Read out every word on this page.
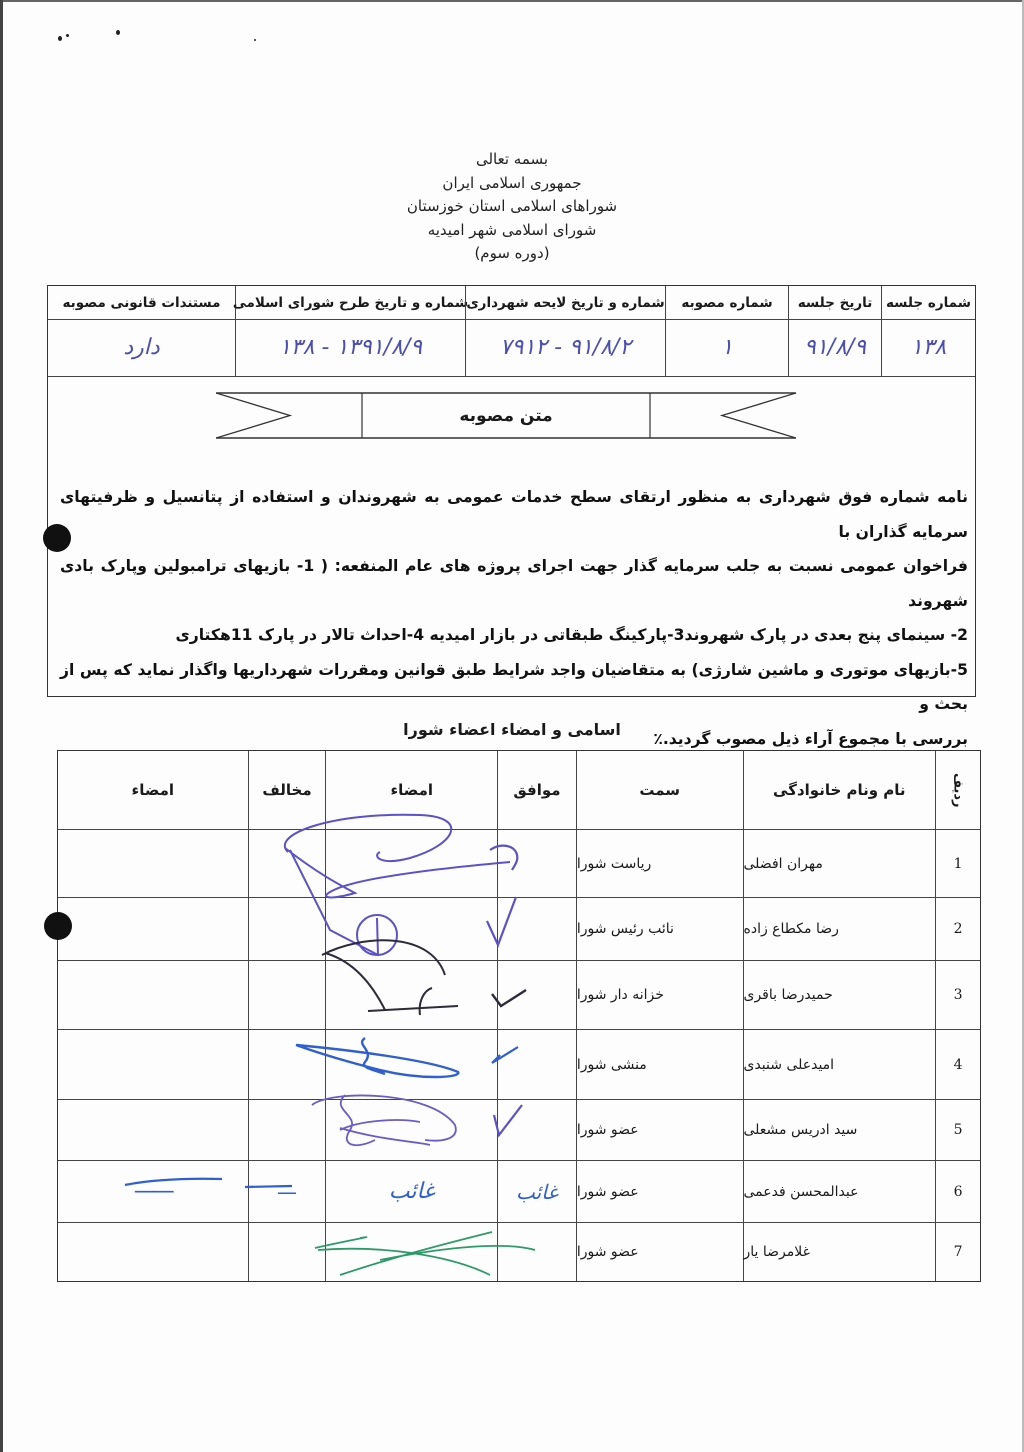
بسمه تعالی
جمهوری اسلامی ایران
شوراهای اسلامی استان خوزستان
شورای اسلامی شهر امیدیه
(دوره سوم)
شماره جلسه
تاریخ جلسه
شماره مصوبه
شماره و تاریخ لایحه شهرداری
شماره و تاریخ طرح شورای اسلامی
مستندات قانونی مصوبه
۱۳۸
۹۱/۸/۹
۱
۹۱/۸/۲ - ۷۹۱۲
۱۳۹۱/۸/۹ - ۱۳۸
دارد
متن مصوبه

نامه شماره فوق شهرداری به منظور ارتقای سطح خدمات عمومی به شهروندان و استفاده از پتانسیل و ظرفیتهای سرمایه گذاران با

فراخوان عمومی نسبت به جلب سرمایه گذار جهت اجرای پروژه های عام المنفعه: ( 1- بازیهای ترامبولین وپارک بادی شهروند

2- سینمای پنج بعدی در پارک شهروند3-پارکینگ طبقاتی در بازار امیدیه 4-احداث تالار در پارک 11هکتاری

5-بازیهای موتوری و ماشین شارژی) به متقاضیان واجد شرایط طبق قوانین ومقررات شهرداریها واگذار نماید که پس از بحث و

بررسی با مجموع آراء ذیل مصوب گردید.٪

اسامی و امضاء اعضاء شورا
ردیف
نام ونام خانوادگی
سمت
موافق
امضاء
مخالف
امضاء
1
مهران افضلی
ریاست شورا
2
رضا مکطاع زاده
نائب رئیس شورا
3
حمیدرضا باقری
خزانه دار شورا
4
امیدعلی شنبدی
منشی شورا
5
سید ادریس مشعلی
عضو شورا
6
عبدالمحسن فدعمی
عضو شورا
غائب
غائب
—
——
7
غلامرضا یار
عضو شورا
